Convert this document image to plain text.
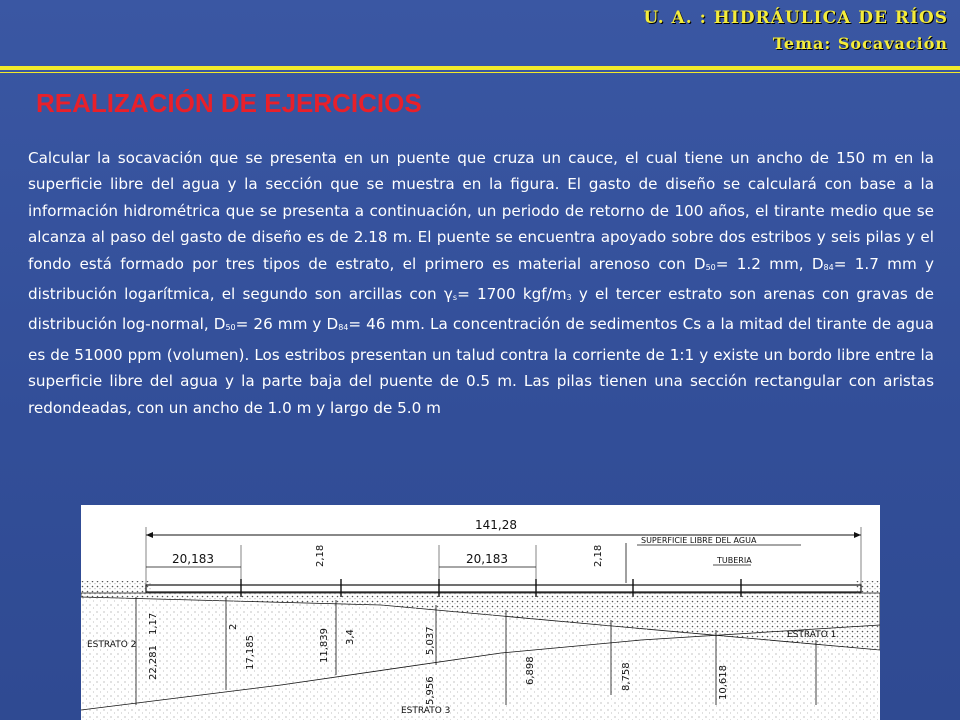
U. A. : HIDRÁULICA DE RÍOS
Tema: Socavación
REALIZACIÓN DE EJERCICIOS

Calcular la socavación que se presenta en un puente que cruza un cauce, el cual tiene un ancho de 150 m en la superficie libre del agua y la sección que se muestra en la figura. El gasto de diseño se calculará con base a la información hidrométrica que se presenta a continuación, un periodo de retorno de 100 años, el tirante medio que se alcanza al paso del gasto de diseño es de 2.18 m. El puente se encuentra apoyado sobre dos estribos y seis pilas y el fondo está formado por tres tipos de estrato, el primero es material arenoso con D50= 1.2 mm, D84= 1.7 mm y distribución logarítmica, el segundo son arcillas con γs= 1700 kgf/m3 y el tercer estrato son arenas con gravas de distribución log-normal, D50= 26 mm y D84= 46 mm. La concentración de sedimentos Cs a la mitad del tirante de agua es de 51000 ppm (volumen). Los estribos presentan un talud contra la corriente de 1:1 y existe un bordo libre entre la superficie libre del agua y la parte baja del puente de 0.5 m. Las pilas tienen una sección rectangular con aristas redondeadas, con un ancho de 1.0 m y largo de 5.0 m

141,28
20,183	20,183
2,18	2,18
SUPERFICIE LIBRE DEL AGUA
TUBERIA
22,281
1,17	2
17,185	11,839 3,4	5,037
5,956
6,898	8,758	10,618
ESTRATO 2
ESTRATO 1
ESTRATO 3
